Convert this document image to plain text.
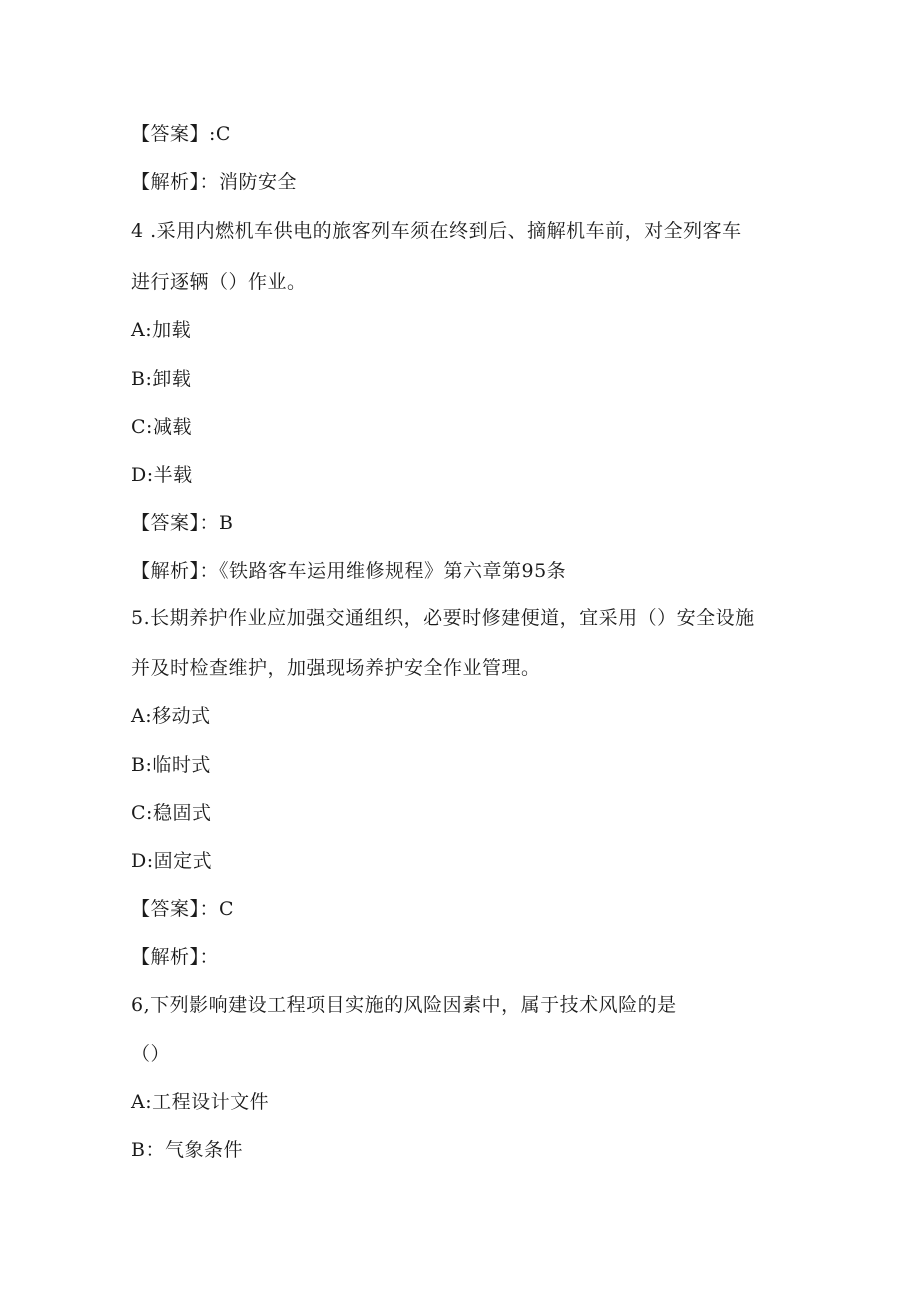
【答案】:C
【解析】：消防安全
4 .采用内燃机车供电的旅客列车须在终到后、摘解机车前，对全列客车
进行逐辆（）作业。
A:加载
B:卸载
C:减载
D:半载
【答案】：B
【解析】：《铁路客车运用维修规程》第六章第95条
5.长期养护作业应加强交通组织，必要时修建便道，宜采用（）安全设施
并及时检查维护，加强现场养护安全作业管理。
A:移动式
B:临时式
C:稳固式
D:固定式
【答案】：C
【解析】：
6,下列影响建设工程项目实施的风险因素中，属于技术风险的是
（）
A:工程设计文件
B：气象条件
